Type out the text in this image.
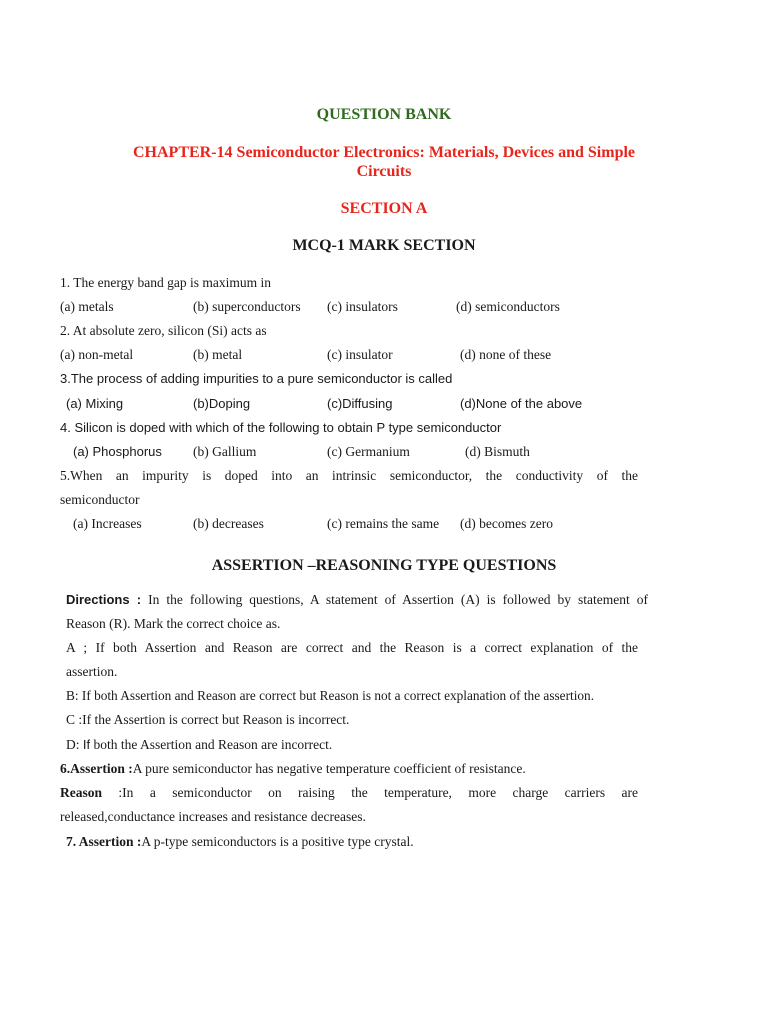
QUESTION BANK
CHAPTER-14 Semiconductor Electronics: Materials, Devices and Simple
Circuits
SECTION A
MCQ-1 MARK SECTION
1. The energy band gap is maximum in
(a) metals	(b) superconductors (c) insulators	(d) semiconductors
2. At absolute zero, silicon (Si) acts as
(a) non-metal	(b) metal	(c) insulator	(d) none of these
3.The process of adding impurities to a pure semiconductor is called
(a) Mixing	(b)Doping	(c)Diffusing	(d)None of the above
4. Silicon is doped with which of the following to obtain P type semiconductor
(a) Phosphorus (b) Gallium	(c) Germanium	(d) Bismuth
5.When an impurity is doped into an intrinsic semiconductor, the conductivity of the
semiconductor
(a) Increases	(b) decreases	(c) remains the same (d) becomes zero
ASSERTION –REASONING TYPE QUESTIONS
Directions : In the following questions, A statement of Assertion (A) is followed by statement of
Reason (R). Mark the correct choice as.
A ; If both Assertion and Reason are correct and the Reason is a correct explanation of the
assertion.
B: If both Assertion and Reason are correct but Reason is not a correct explanation of the assertion.
C :If the Assertion is correct but Reason is incorrect.
D: If both the Assertion and Reason are incorrect.
6.Assertion :A pure semiconductor has negative temperature coefficient of resistance.
Reason :In a semiconductor on raising the temperature, more charge carriers are
released,conductance increases and resistance decreases.
7. Assertion :A p-type semiconductors is a positive type crystal.
